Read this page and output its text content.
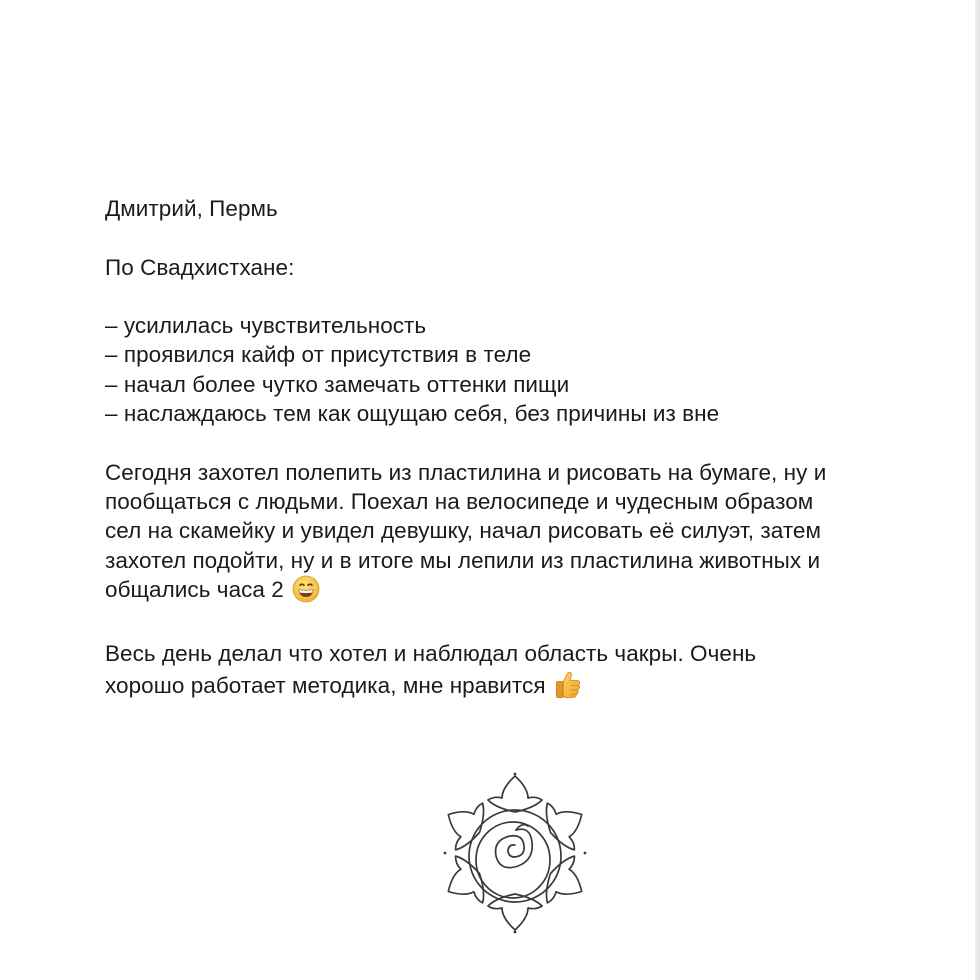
Дмитрий, Пермь

По Свадхистхане:

– усилилась чувствительность

– проявился кайф от присутствия в теле

– начал более чутко замечать оттенки пищи

– наслаждаюсь тем как ощущаю себя, без причины из вне

Сегодня захотел полепить из пластилина и рисовать на бумаге, ну и

пообщаться с людьми. Поехал на велосипеде и чудесным образом

сел на скамейку и увидел девушку, начал рисовать её силуэт, затем

захотел подойти, ну и в итоге мы лепили из пластилина животных и

общались часа 2

Весь день делал что хотел и наблюдал область чакры. Очень

хорошо работает методика, мне нравится
